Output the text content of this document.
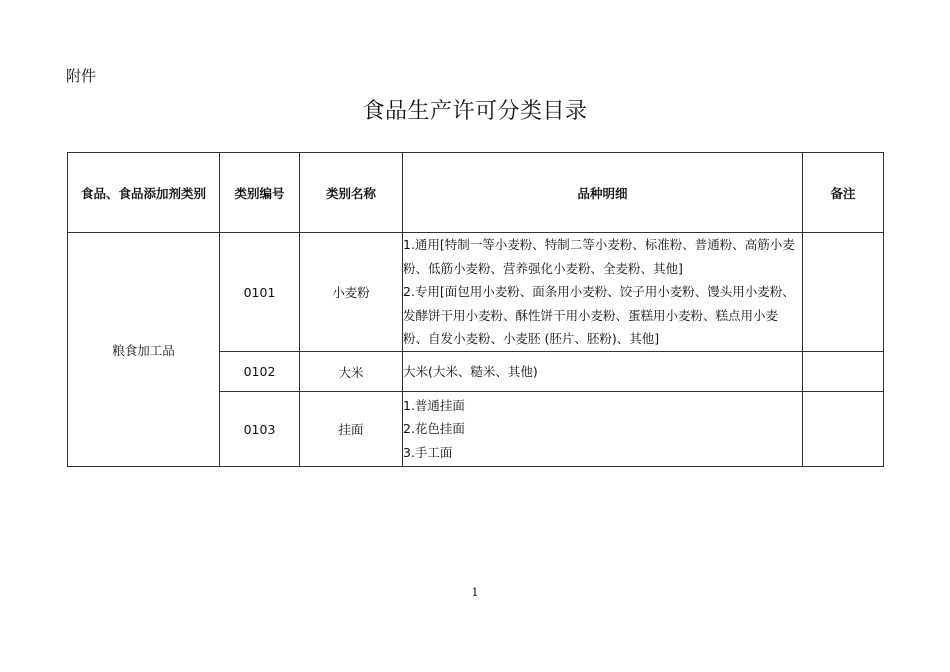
附件
食品生产许可分类目录
食品、食品添加剂类别	类别编号	类别名称	品种明细	备注
粮食加工品	0101	小麦粉	1.通用[特制一等小麦粉、特制二等小麦粉、标准粉、普通粉、高筋小麦粉、低筋小麦粉、营养强化小麦粉、全麦粉、其他]
2.专用[面包用小麦粉、面条用小麦粉、饺子用小麦粉、馒头用小麦粉、发酵饼干用小麦粉、酥性饼干用小麦粉、蛋糕用小麦粉、糕点用小麦粉、自发小麦粉、小麦胚 (胚片、胚粉)、其他]	

	0102	大米	大米(大米、糙米、其他)	

	0103	挂面	1.普通挂面
2.花色挂面
3.手工面	

1
